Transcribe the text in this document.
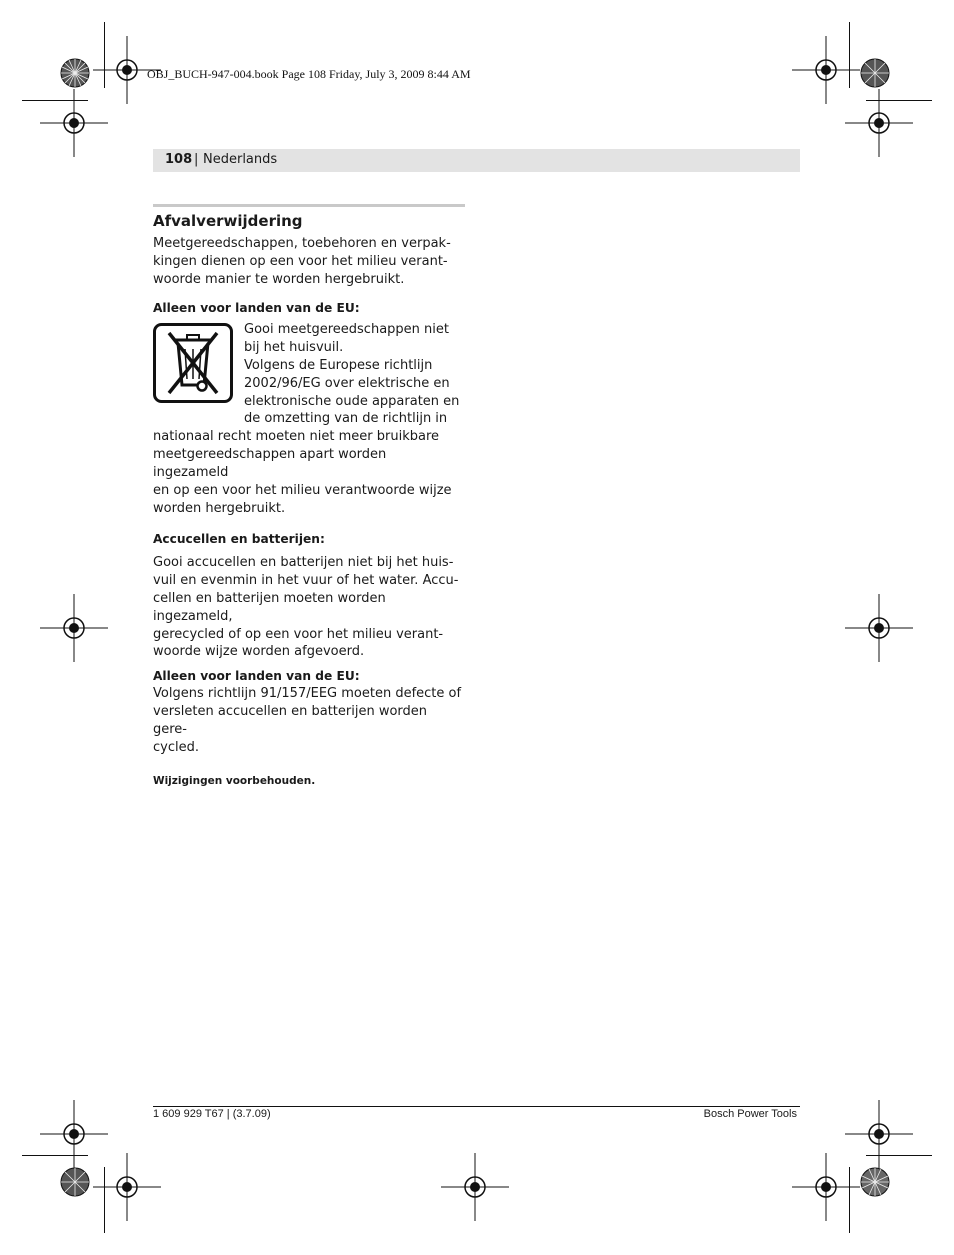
OBJ_BUCH-947-004.book Page 108 Friday, July 3, 2009 8:44 AM
108 | Nederlands
Afvalverwijdering
Meetgereedschappen, toebehoren en verpak-
kingen dienen op een voor het milieu verant-
woorde manier te worden hergebruikt.
Alleen voor landen van de EU:
Gooi meetgereedschappen niet
bij het huisvuil.
Volgens de Europese richtlijn
2002/96/EG over elektrische en
elektronische oude apparaten en
de omzetting van de richtlijn in
nationaal recht moeten niet meer bruikbare
meetgereedschappen apart worden ingezameld
en op een voor het milieu verantwoorde wijze
worden hergebruikt.
Accucellen en batterijen:
Gooi accucellen en batterijen niet bij het huis-
vuil en evenmin in het vuur of het water. Accu-
cellen en batterijen moeten worden ingezameld,
gerecycled of op een voor het milieu verant-
woorde wijze worden afgevoerd.
Alleen voor landen van de EU:
Volgens richtlijn 91/157/EEG moeten defecte of
versleten accucellen en batterijen worden gere-
cycled.
Wijzigingen voorbehouden.
1 609 929 T67 | (3.7.09)	Bosch Power Tools
